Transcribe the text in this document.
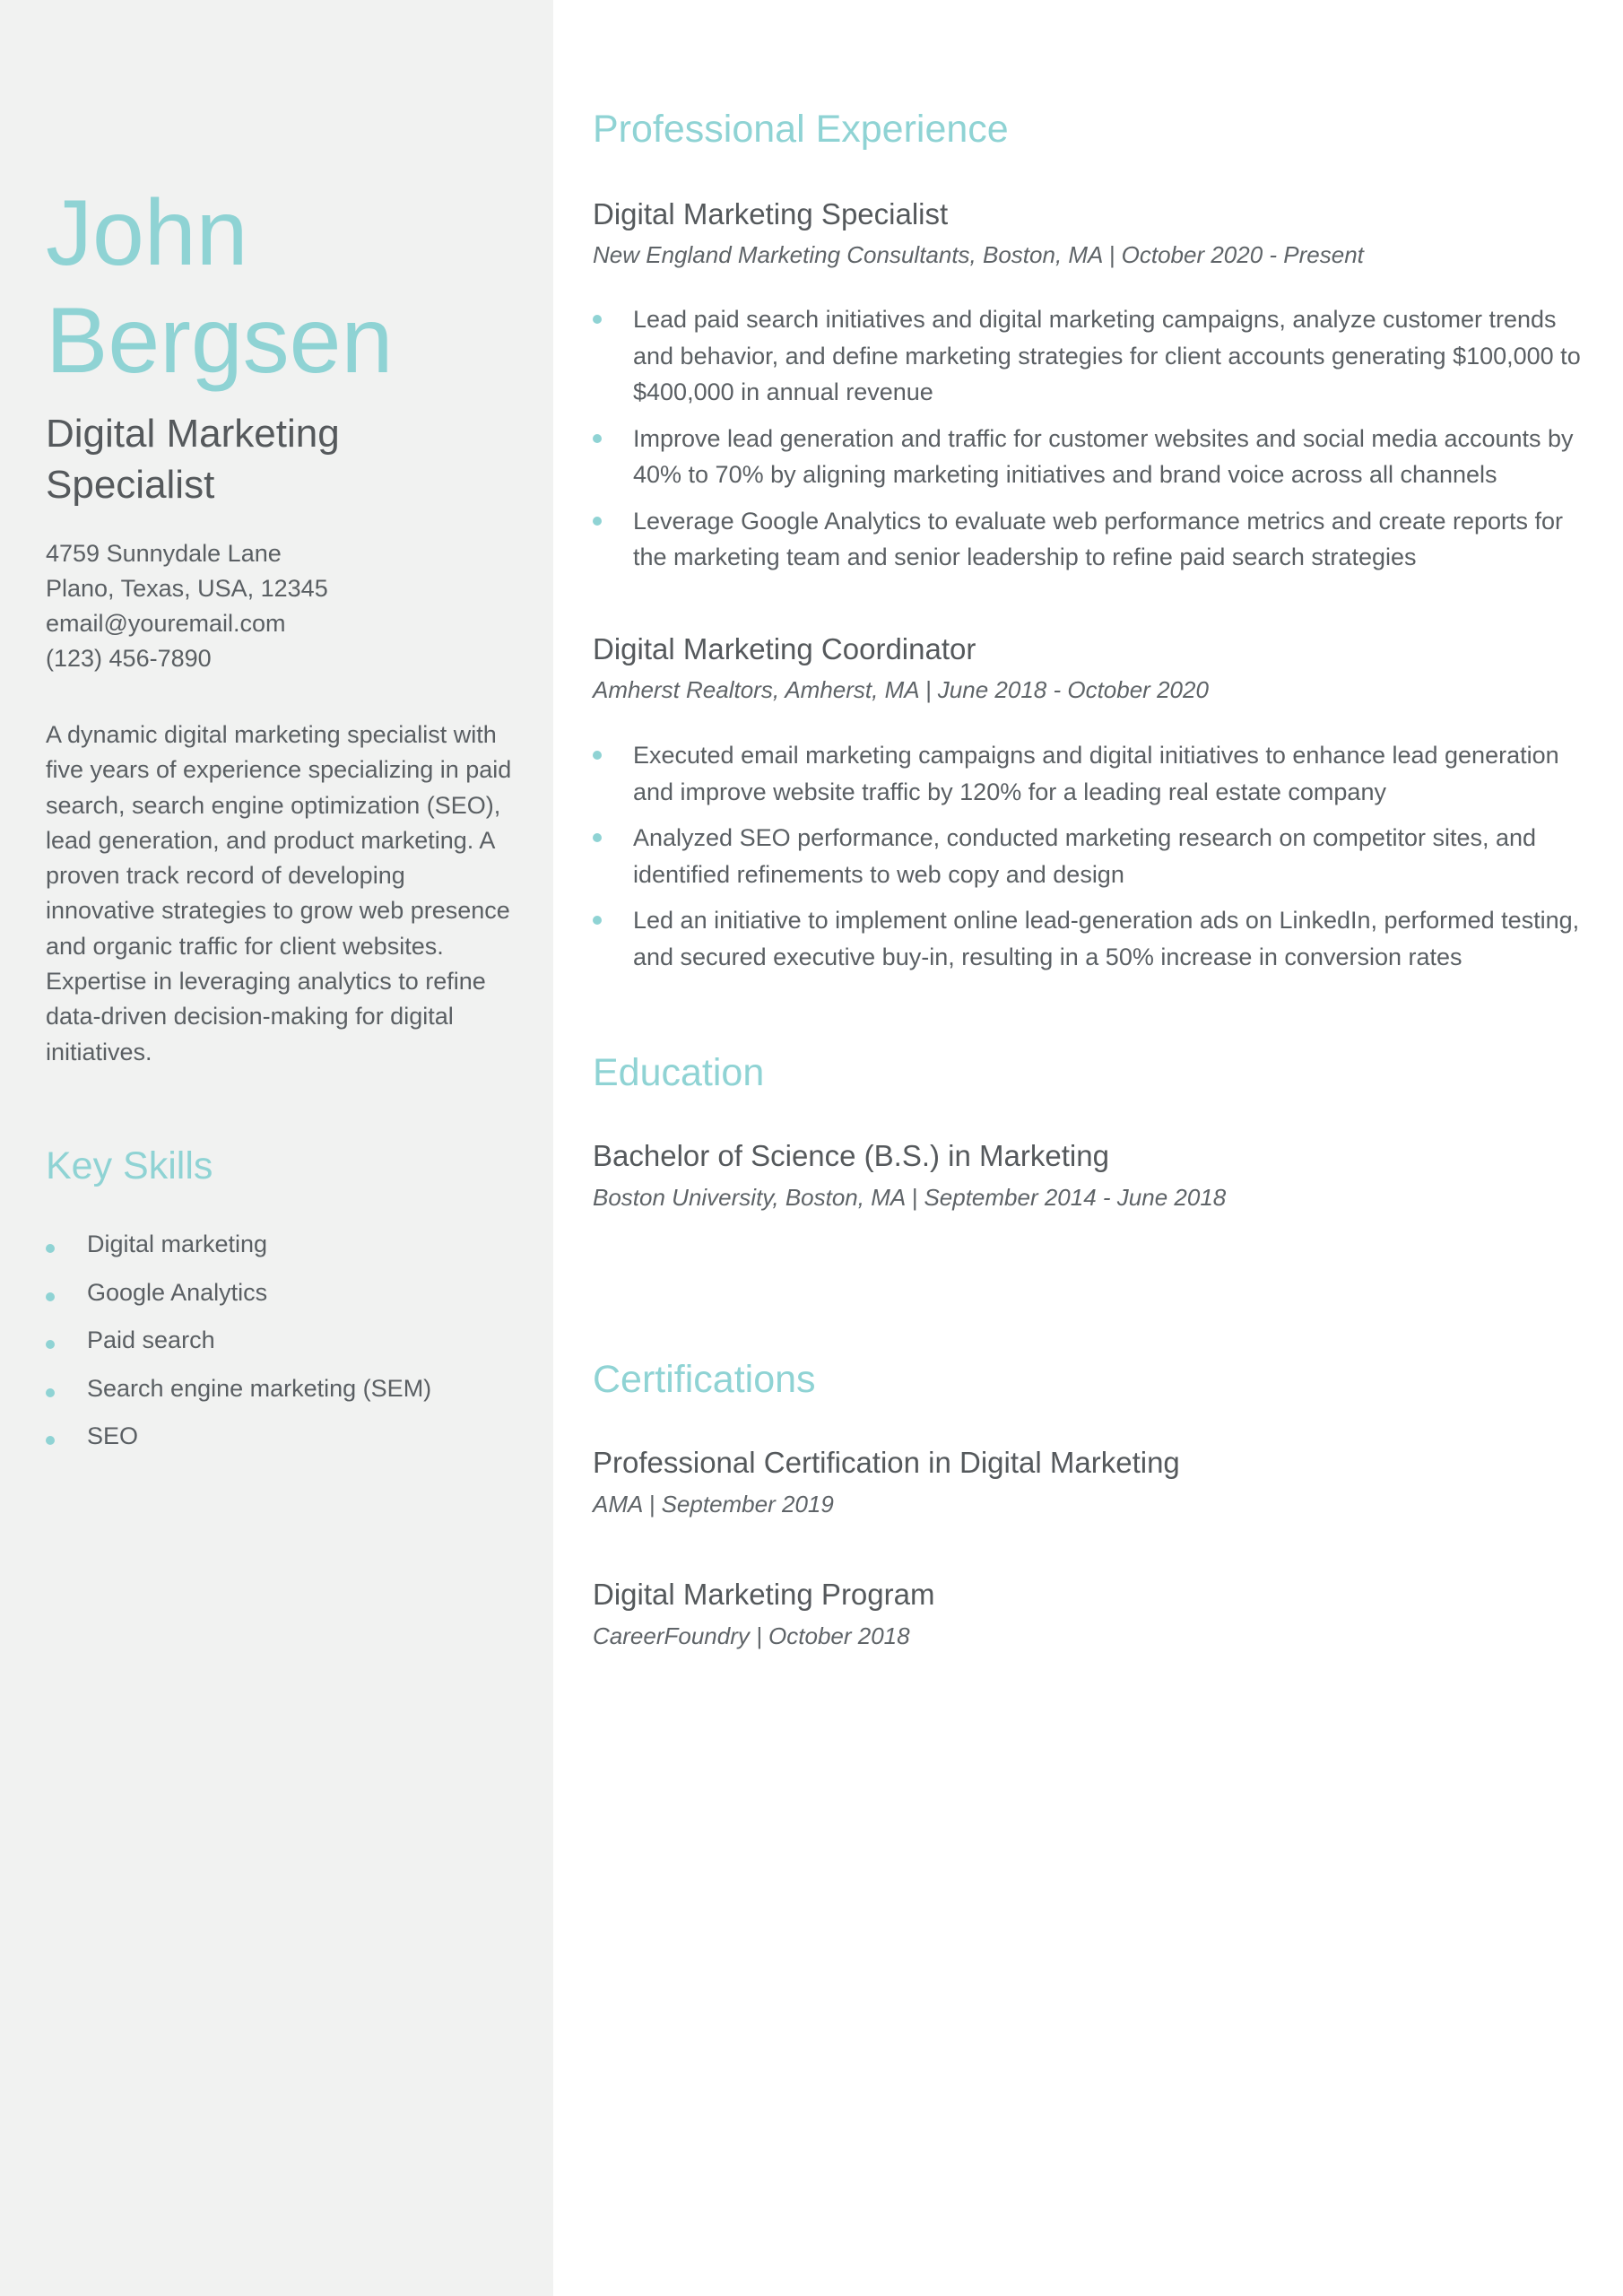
John
Bergsen
Digital Marketing Specialist
4759 Sunnydale Lane
Plano, Texas, USA, 12345
email@youremail.com
(123) 456-7890

A dynamic digital marketing specialist with five years of experience specializing in paid search, search engine optimization (SEO), lead generation, and product marketing. A proven track record of developing innovative strategies to grow web presence and organic traffic for client websites. Expertise in leveraging analytics to refine data-driven decision-making for digital initiatives.

Key Skills
Digital marketing
Google Analytics
Paid search
Search engine marketing (SEM)
SEO
Professional Experience
Digital Marketing Specialist

New England Marketing Consultants, Boston, MA | October 2020 - Present

Lead paid search initiatives and digital marketing campaigns, analyze customer trends and behavior, and define marketing strategies for client accounts generating $100,000 to $400,000 in annual revenue
Improve lead generation and traffic for customer websites and social media accounts by 40% to 70% by aligning marketing initiatives and brand voice across all channels
Leverage Google Analytics to evaluate web performance metrics and create reports for the marketing team and senior leadership to refine paid search strategies
Digital Marketing Coordinator

Amherst Realtors, Amherst, MA | June 2018 - October 2020

Executed email marketing campaigns and digital initiatives to enhance lead generation and improve website traffic by 120% for a leading real estate company
Analyzed SEO performance, conducted marketing research on competitor sites, and identified refinements to web copy and design
Led an initiative to implement online lead-generation ads on LinkedIn, performed testing, and secured executive buy-in, resulting in a 50% increase in conversion rates
Education
Bachelor of Science (B.S.) in Marketing

Boston University, Boston, MA | September 2014 - June 2018

Certifications
Professional Certification in Digital Marketing

AMA | September 2019

Digital Marketing Program

CareerFoundry | October 2018
